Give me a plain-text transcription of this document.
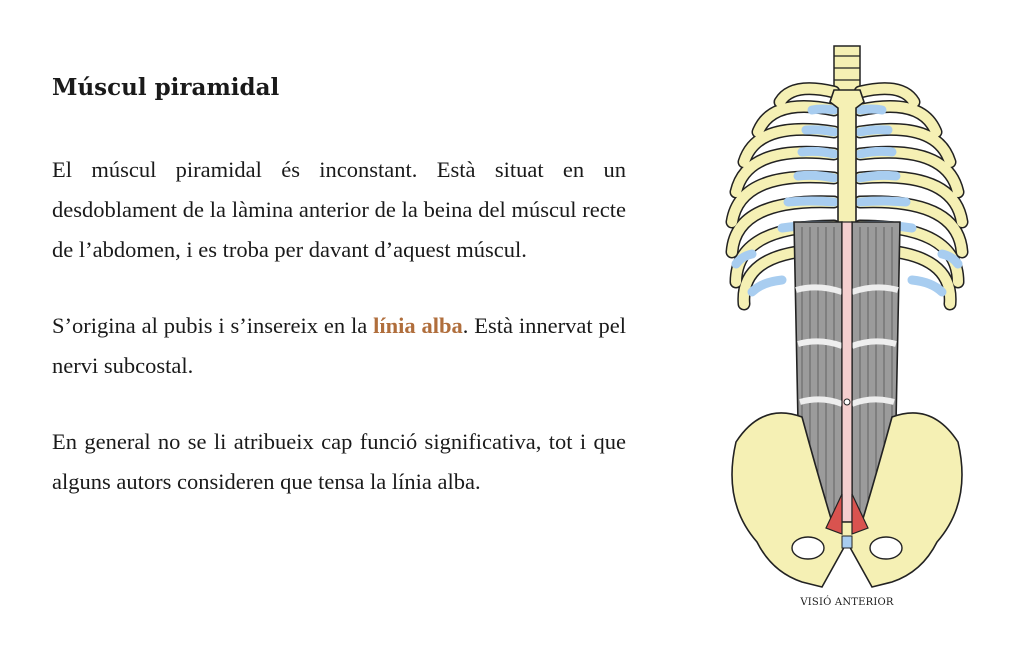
Múscul piramidal

El múscul piramidal és inconstant. Està situat en un desdoblament de la làmina anterior de la beina del múscul recte de l’abdomen, i es troba per davant d’aquest múscul.

S’origina al pubis i s’insereix en la línia alba. Està innervat pel nervi subcostal.

En general no se li atribueix cap funció significativa, tot i que alguns autors consideren que tensa la línia alba.

VISIÓ ANTERIOR
